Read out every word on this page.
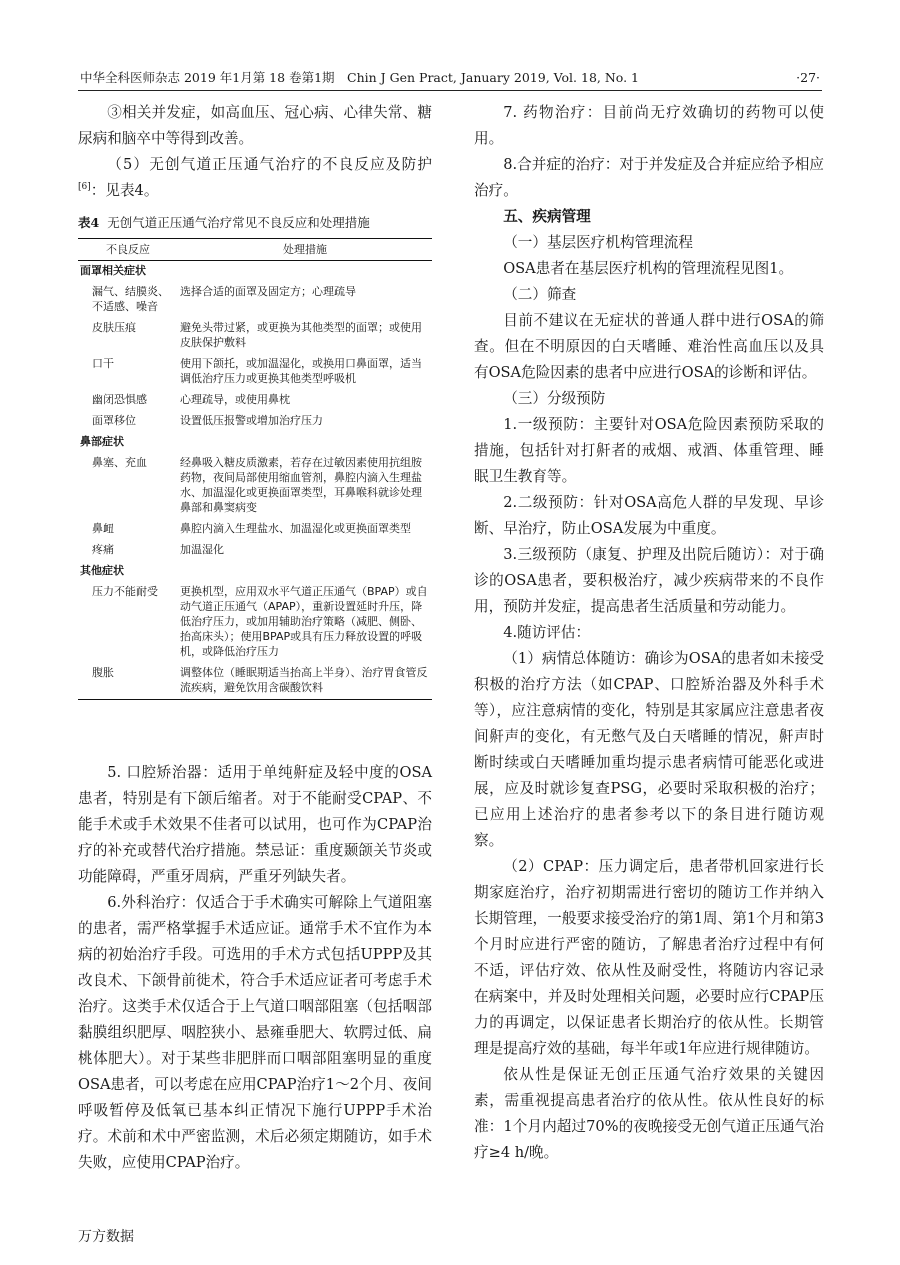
中华全科医师杂志 2019 年1月第 18 卷第1期　Chin J Gen Pract, January 2019, Vol. 18, No. 1	·27·

③相关并发症，如高血压、冠心病、心律失常、糖尿病和脑卒中等得到改善。

（5）无创气道正压通气治疗的不良反应及防护[6]：见表4。

表4 无创气道正压通气治疗常见不良反应和处理措施
不良反应	处理措施
面罩相关症状	
漏气、结膜炎、不适感、噪音	选择合适的面罩及固定方；心理疏导
皮肤压痕	避免头带过紧，或更换为其他类型的面罩；或使用皮肤保护敷料
口干	使用下颌托，或加温湿化，或换用口鼻面罩，适当调低治疗压力或更换其他类型呼吸机
幽闭恐惧感	心理疏导，或使用鼻枕
面罩移位	设置低压报警或增加治疗压力
鼻部症状	
鼻塞、充血	经鼻吸入糖皮质激素，若存在过敏因素使用抗组胺药物，夜间局部使用缩血管剂，鼻腔内滴入生理盐水、加温湿化或更换面罩类型，耳鼻喉科就诊处理鼻部和鼻窦病变
鼻衄	鼻腔内滴入生理盐水、加温湿化或更换面罩类型
疼痛	加温湿化
其他症状	
压力不能耐受	更换机型，应用双水平气道正压通气（BPAP）或自动气道正压通气（APAP），重新设置延时升压，降低治疗压力，或加用辅助治疗策略（减肥、侧卧、抬高床头）；使用BPAP或具有压力释放设置的呼吸机，或降低治疗压力
腹胀	调整体位（睡眠期适当抬高上半身）、治疗胃食管反流疾病，避免饮用含碳酸饮料

5. 口腔矫治器：适用于单纯鼾症及轻中度的OSA患者，特别是有下颌后缩者。对于不能耐受CPAP、不能手术或手术效果不佳者可以试用，也可作为CPAP治疗的补充或替代治疗措施。禁忌证：重度颞颌关节炎或功能障碍，严重牙周病，严重牙列缺失者。

6.外科治疗：仅适合于手术确实可解除上气道阻塞的患者，需严格掌握手术适应证。通常手术不宜作为本病的初始治疗手段。可选用的手术方式包括UPPP及其改良术、下颌骨前徙术，符合手术适应证者可考虑手术治疗。这类手术仅适合于上气道口咽部阻塞（包括咽部黏膜组织肥厚、咽腔狭小、悬雍垂肥大、软腭过低、扁桃体肥大）。对于某些非肥胖而口咽部阻塞明显的重度OSA患者，可以考虑在应用CPAP治疗1～2个月、夜间呼吸暂停及低氧已基本纠正情况下施行UPPP手术治疗。术前和术中严密监测，术后必须定期随访，如手术失败，应使用CPAP治疗。

7. 药物治疗：目前尚无疗效确切的药物可以使用。

8.合并症的治疗：对于并发症及合并症应给予相应治疗。

五、疾病管理

（一）基层医疗机构管理流程

OSA患者在基层医疗机构的管理流程见图1。

（二）筛查

目前不建议在无症状的普通人群中进行OSA的筛查。但在不明原因的白天嗜睡、难治性高血压以及具有OSA危险因素的患者中应进行OSA的诊断和评估。

（三）分级预防

1.一级预防：主要针对OSA危险因素预防采取的措施，包括针对打鼾者的戒烟、戒酒、体重管理、睡眠卫生教育等。

2.二级预防：针对OSA高危人群的早发现、早诊断、早治疗，防止OSA发展为中重度。

3.三级预防（康复、护理及出院后随访）：对于确诊的OSA患者，要积极治疗，减少疾病带来的不良作用，预防并发症，提高患者生活质量和劳动能力。

4.随访评估：

（1）病情总体随访：确诊为OSA的患者如未接受积极的治疗方法（如CPAP、口腔矫治器及外科手术等），应注意病情的变化，特别是其家属应注意患者夜间鼾声的变化，有无憋气及白天嗜睡的情况，鼾声时断时续或白天嗜睡加重均提示患者病情可能恶化或进展，应及时就诊复查PSG，必要时采取积极的治疗；已应用上述治疗的患者参考以下的条目进行随访观察。

（2）CPAP：压力调定后，患者带机回家进行长期家庭治疗，治疗初期需进行密切的随访工作并纳入长期管理，一般要求接受治疗的第1周、第1个月和第3个月时应进行严密的随访，了解患者治疗过程中有何不适，评估疗效、依从性及耐受性，将随访内容记录在病案中，并及时处理相关问题，必要时应行CPAP压力的再调定，以保证患者长期治疗的依从性。长期管理是提高疗效的基础，每半年或1年应进行规律随访。

依从性是保证无创正压通气治疗效果的关键因素，需重视提高患者治疗的依从性。依从性良好的标准：1个月内超过70%的夜晚接受无创气道正压通气治疗≥4 h/晚。

万方数据
